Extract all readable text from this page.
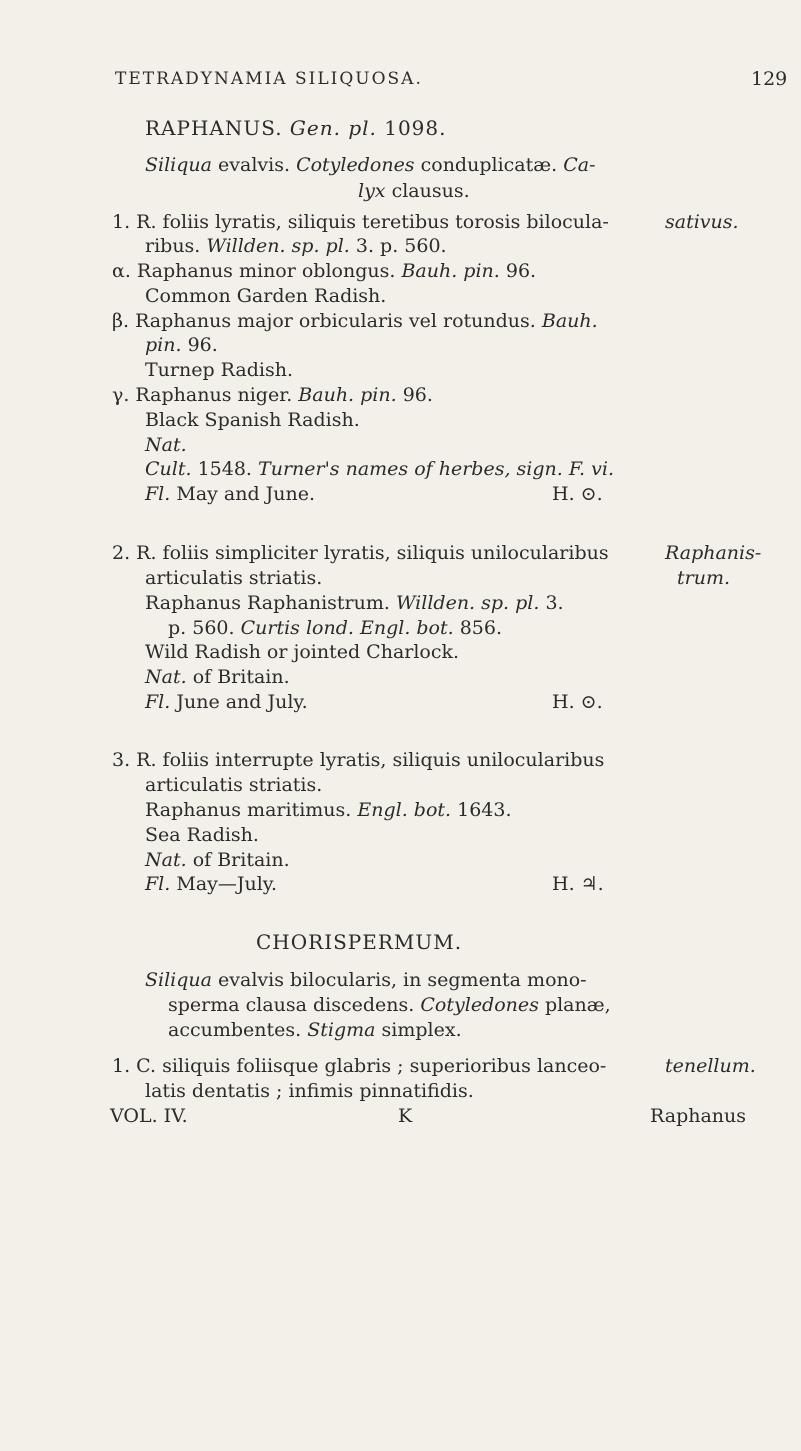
TETRADYNAMIA SILIQUOSA.	129
RAPHANUS. Gen. pl. 1098.
Siliqua evalvis. Cotyledones conduplicatæ. Ca-
lyx clausus.
1. R. foliis lyratis, siliquis teretibus torosis bilocula-	sativus.
ribus. Willden. sp. pl. 3. p. 560.
α. Raphanus minor oblongus. Bauh. pin. 96.
Common Garden Radish.
β. Raphanus major orbicularis vel rotundus. Bauh.
pin. 96.
Turnep Radish.
γ. Raphanus niger. Bauh. pin. 96.
Black Spanish Radish.
Nat.
Cult. 1548. Turner's names of herbes, sign. F. vi.
Fl. May and June.	H. ⊙.
2. R. foliis simpliciter lyratis, siliquis unilocularibus	Raphanis-
articulatis striatis.	trum.
Raphanus Raphanistrum. Willden. sp. pl. 3.
p. 560. Curtis lond. Engl. bot. 856.
Wild Radish or jointed Charlock.
Nat. of Britain.
Fl. June and July.	H. ⊙.
3. R. foliis interrupte lyratis, siliquis unilocularibus
articulatis striatis.
Raphanus maritimus. Engl. bot. 1643.
Sea Radish.
Nat. of Britain.
Fl. May—July.	H. ♃.
CHORISPERMUM.
Siliqua evalvis bilocularis, in segmenta mono-
sperma clausa discedens. Cotyledones planæ,
accumbentes. Stigma simplex.
1. C. siliquis foliisque glabris ; superioribus lanceo-	tenellum.
latis dentatis ; infimis pinnatifidis.
VOL. IV.	K	Raphanus
